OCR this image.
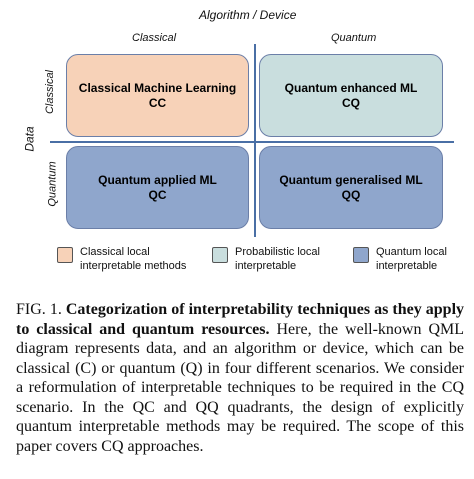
Algorithm / Device
Classical	Quantum
Data
Classical
Quantum
Classical Machine Learning
CC
Quantum enhanced ML
CQ
Quantum applied ML
QC
Quantum generalised ML
QQ
Classical local
interpretable methods
Probabilistic local
interpretable
Quantum local
interpretable
FIG. 1. Categorization of interpretability techniques as they apply to classical and quantum resources. Here, the well-known QML diagram represents data, and an algorithm or device, which can be classical (C) or quantum (Q) in four different scenarios. We consider a reformulation of interpretable techniques to be required in the CQ scenario. In the QC and QQ quadrants, the design of explicitly quantum interpretable methods may be required. The scope of this paper covers CQ approaches.
